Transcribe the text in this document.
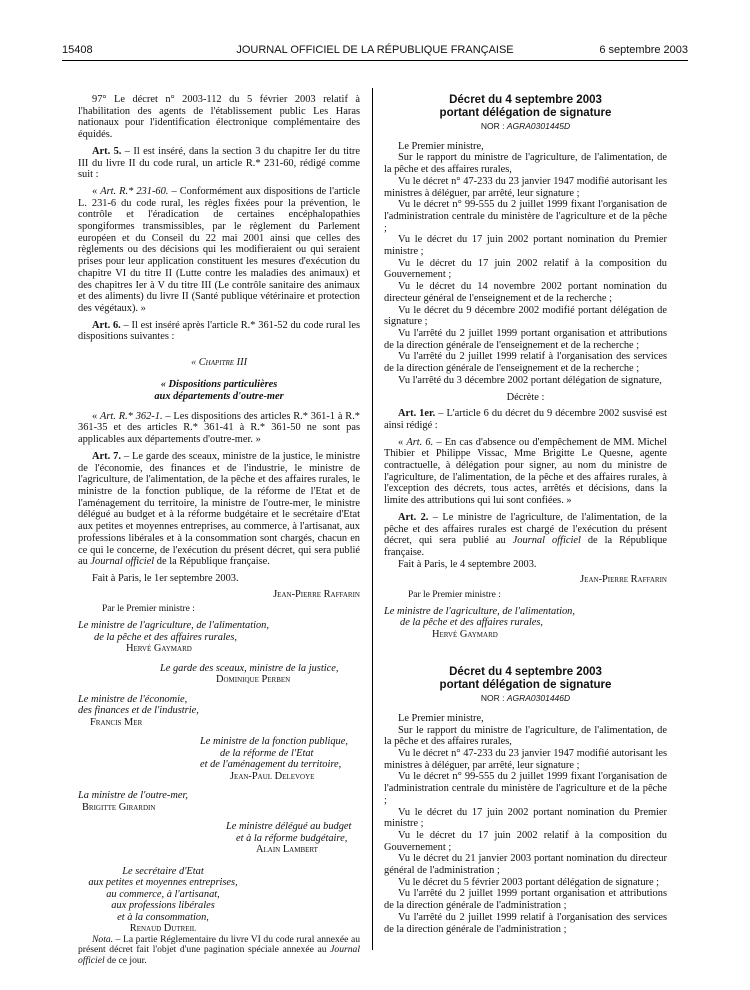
15408	JOURNAL OFFICIEL DE LA RÉPUBLIQUE FRANÇAISE	6 septembre 2003

97° Le décret n° 2003-112 du 5 février 2003 relatif à l'habilitation des agents de l'établissement public Les Haras nationaux pour l'identification électronique complémentaire des équidés.

Art. 5. – Il est inséré, dans la section 3 du chapitre Ier du titre III du livre II du code rural, un article R.* 231-60, rédigé comme suit :

« Art. R.* 231-60. – Conformément aux dispositions de l'article L. 231-6 du code rural, les règles fixées pour la prévention, le contrôle et l'éradication de certaines encéphalopathies spongiformes transmissibles, par le règlement du Parlement européen et du Conseil du 22 mai 2001 ainsi que celles des règlements ou des décisions qui les modifieraient ou qui seraient prises pour leur application constituent les mesures d'exécution du chapitre VI du titre II (Lutte contre les maladies des animaux) et des chapitres Ier à V du titre III (Le contrôle sanitaire des animaux et des aliments) du livre II (Santé publique vétérinaire et protection des végétaux). »

Art. 6. – Il est inséré après l'article R.* 361-52 du code rural les dispositions suivantes :

« Chapitre III
« Dispositions particulières
aux départements d'outre-mer

« Art. R.* 362-1. – Les dispositions des articles R.* 361-1 à R.* 361-35 et des articles R.* 361-41 à R.* 361-50 ne sont pas applicables aux départements d'outre-mer. »

Art. 7. – Le garde des sceaux, ministre de la justice, le ministre de l'économie, des finances et de l'industrie, le ministre de l'agriculture, de l'alimentation, de la pêche et des affaires rurales, le ministre de la fonction publique, de la réforme de l'Etat et de l'aménagement du territoire, la ministre de l'outre-mer, le ministre délégué au budget et à la réforme budgétaire et le secrétaire d'Etat aux petites et moyennes entreprises, au commerce, à l'artisanat, aux professions libérales et à la consommation sont chargés, chacun en ce qui le concerne, de l'exécution du présent décret, qui sera publié au Journal officiel de la République française.

Fait à Paris, le 1er septembre 2003.

Jean-Pierre Raffarin
Par le Premier ministre :
Le ministre de l'agriculture, de l'alimentation,
de la pêche et des affaires rurales,
Hervé Gaymard
Le garde des sceaux, ministre de la justice,
Dominique Perben
Le ministre de l'économie,
des finances et de l'industrie,
Francis Mer
Le ministre de la fonction publique,
de la réforme de l'Etat
et de l'aménagement du territoire,
Jean-Paul Delevoye
La ministre de l'outre-mer,
Brigitte Girardin
Le ministre délégué au budget
et à la réforme budgétaire,
Alain Lambert
Le secrétaire d'Etat
aux petites et moyennes entreprises,
au commerce, à l'artisanat,
aux professions libérales
et à la consommation,
Renaud Dutreil

Nota. – La partie Réglementaire du livre VI du code rural annexée au présent décret fait l'objet d'une pagination spéciale annexée au Journal officiel de ce jour.

Décret du 4 septembre 2003
portant délégation de signature
NOR : AGRA0301445D

Le Premier ministre,

Sur le rapport du ministre de l'agriculture, de l'alimentation, de la pêche et des affaires rurales,

Vu le décret n° 47-233 du 23 janvier 1947 modifié autorisant les ministres à déléguer, par arrêté, leur signature ;

Vu le décret n° 99-555 du 2 juillet 1999 fixant l'organisation de l'administration centrale du ministère de l'agriculture et de la pêche ;

Vu le décret du 17 juin 2002 portant nomination du Premier ministre ;

Vu le décret du 17 juin 2002 relatif à la composition du Gouvernement ;

Vu le décret du 14 novembre 2002 portant nomination du directeur général de l'enseignement et de la recherche ;

Vu le décret du 9 décembre 2002 modifié portant délégation de signature ;

Vu l'arrêté du 2 juillet 1999 portant organisation et attributions de la direction générale de l'enseignement et de la recherche ;

Vu l'arrêté du 2 juillet 1999 relatif à l'organisation des services de la direction générale de l'enseignement et de la recherche ;

Vu l'arrêté du 3 décembre 2002 portant délégation de signature,

Décrète :

Art. 1er. – L'article 6 du décret du 9 décembre 2002 susvisé est ainsi rédigé :

« Art. 6. – En cas d'absence ou d'empêchement de MM. Michel Thibier et Philippe Vissac, Mme Brigitte Le Quesne, agente contractuelle, à délégation pour signer, au nom du ministre de l'agriculture, de l'alimentation, de la pêche et des affaires rurales, à l'exception des décrets, tous actes, arrêtés et décisions, dans la limite des attributions qui lui sont confiées. »

Art. 2. – Le ministre de l'agriculture, de l'alimentation, de la pêche et des affaires rurales est chargé de l'exécution du présent décret, qui sera publié au Journal officiel de la République française.

Fait à Paris, le 4 septembre 2003.

Jean-Pierre Raffarin
Par le Premier ministre :
Le ministre de l'agriculture, de l'alimentation,
de la pêche et des affaires rurales,
Hervé Gaymard
Décret du 4 septembre 2003
portant délégation de signature
NOR : AGRA0301446D

Le Premier ministre,

Sur le rapport du ministre de l'agriculture, de l'alimentation, de la pêche et des affaires rurales,

Vu le décret n° 47-233 du 23 janvier 1947 modifié autorisant les ministres à déléguer, par arrêté, leur signature ;

Vu le décret n° 99-555 du 2 juillet 1999 fixant l'organisation de l'administration centrale du ministère de l'agriculture et de la pêche ;

Vu le décret du 17 juin 2002 portant nomination du Premier ministre ;

Vu le décret du 17 juin 2002 relatif à la composition du Gouvernement ;

Vu le décret du 21 janvier 2003 portant nomination du directeur général de l'administration ;

Vu le décret du 5 février 2003 portant délégation de signature ;

Vu l'arrêté du 2 juillet 1999 portant organisation et attributions de la direction générale de l'administration ;

Vu l'arrêté du 2 juillet 1999 relatif à l'organisation des services de la direction générale de l'administration ;
